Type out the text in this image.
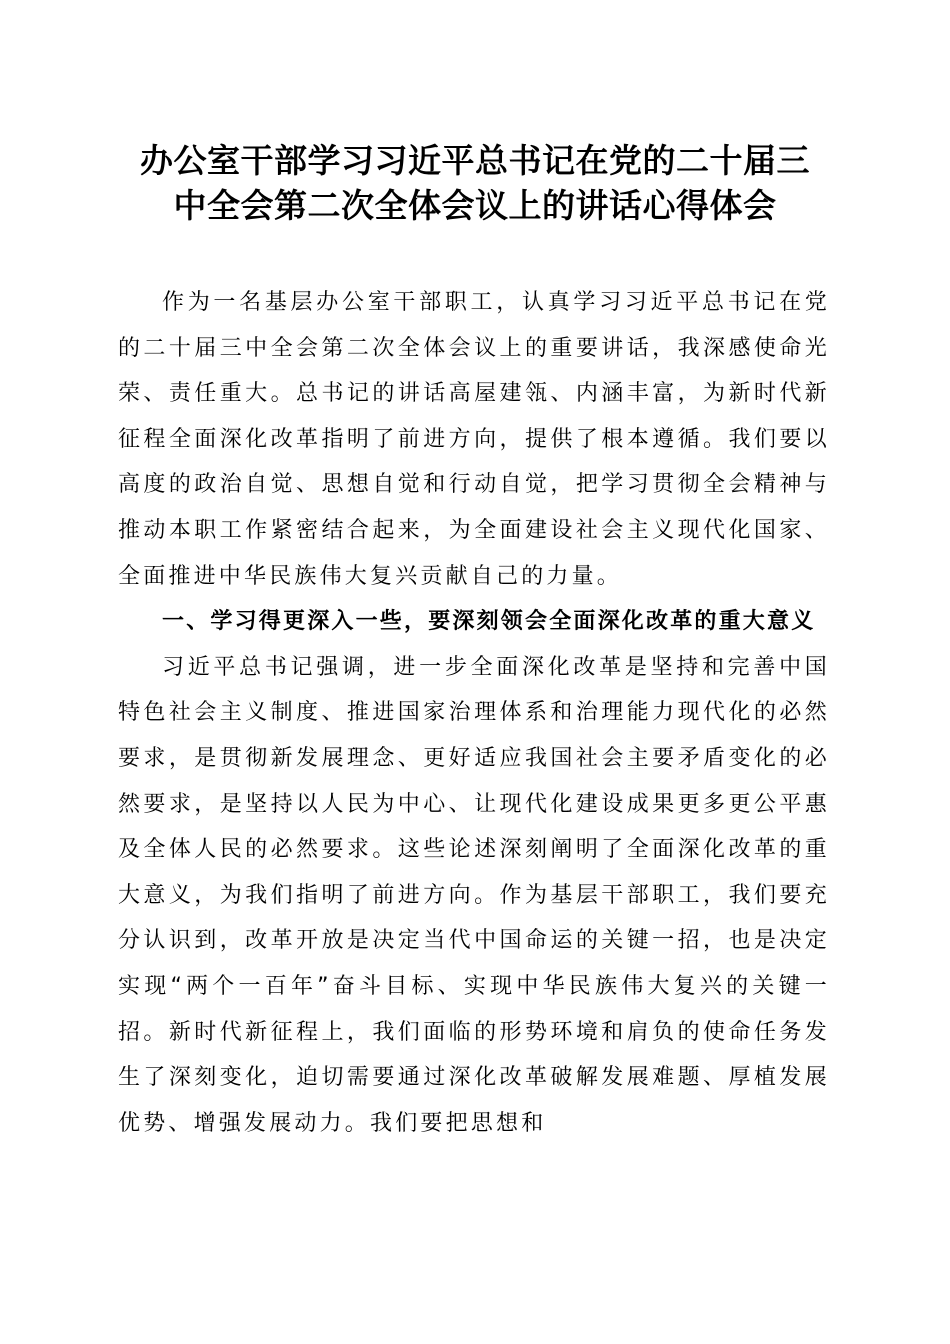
办公室干部学习习近平总书记在党的二十届三
中全会第二次全体会议上的讲话心得体会

作为一名基层办公室干部职工，认真学习习近平总书记在党的二十届三中全会第二次全体会议上的重要讲话，我深感使命光荣、责任重大。总书记的讲话高屋建瓴、内涵丰富，为新时代新征程全面深化改革指明了前进方向，提供了根本遵循。我们要以高度的政治自觉、思想自觉和行动自觉，把学习贯彻全会精神与推动本职工作紧密结合起来，为全面建设社会主义现代化国家、全面推进中华民族伟大复兴贡献自己的力量。

一、学习得更深入一些，要深刻领会全面深化改革的重大意义

习近平总书记强调，进一步全面深化改革是坚持和完善中国特色社会主义制度、推进国家治理体系和治理能力现代化的必然要求，是贯彻新发展理念、更好适应我国社会主要矛盾变化的必然要求，是坚持以人民为中心、让现代化建设成果更多更公平惠及全体人民的必然要求。这些论述深刻阐明了全面深化改革的重大意义，为我们指明了前进方向。作为基层干部职工，我们要充分认识到，改革开放是决定当代中国命运的关键一招，也是决定实现“两个一百年”奋斗目标、实现中华民族伟大复兴的关键一招。新时代新征程上，我们面临的形势环境和肩负的使命任务发生了深刻变化，迫切需要通过深化改革破解发展难题、厚植发展优势、增强发展动力。我们要把思想和
